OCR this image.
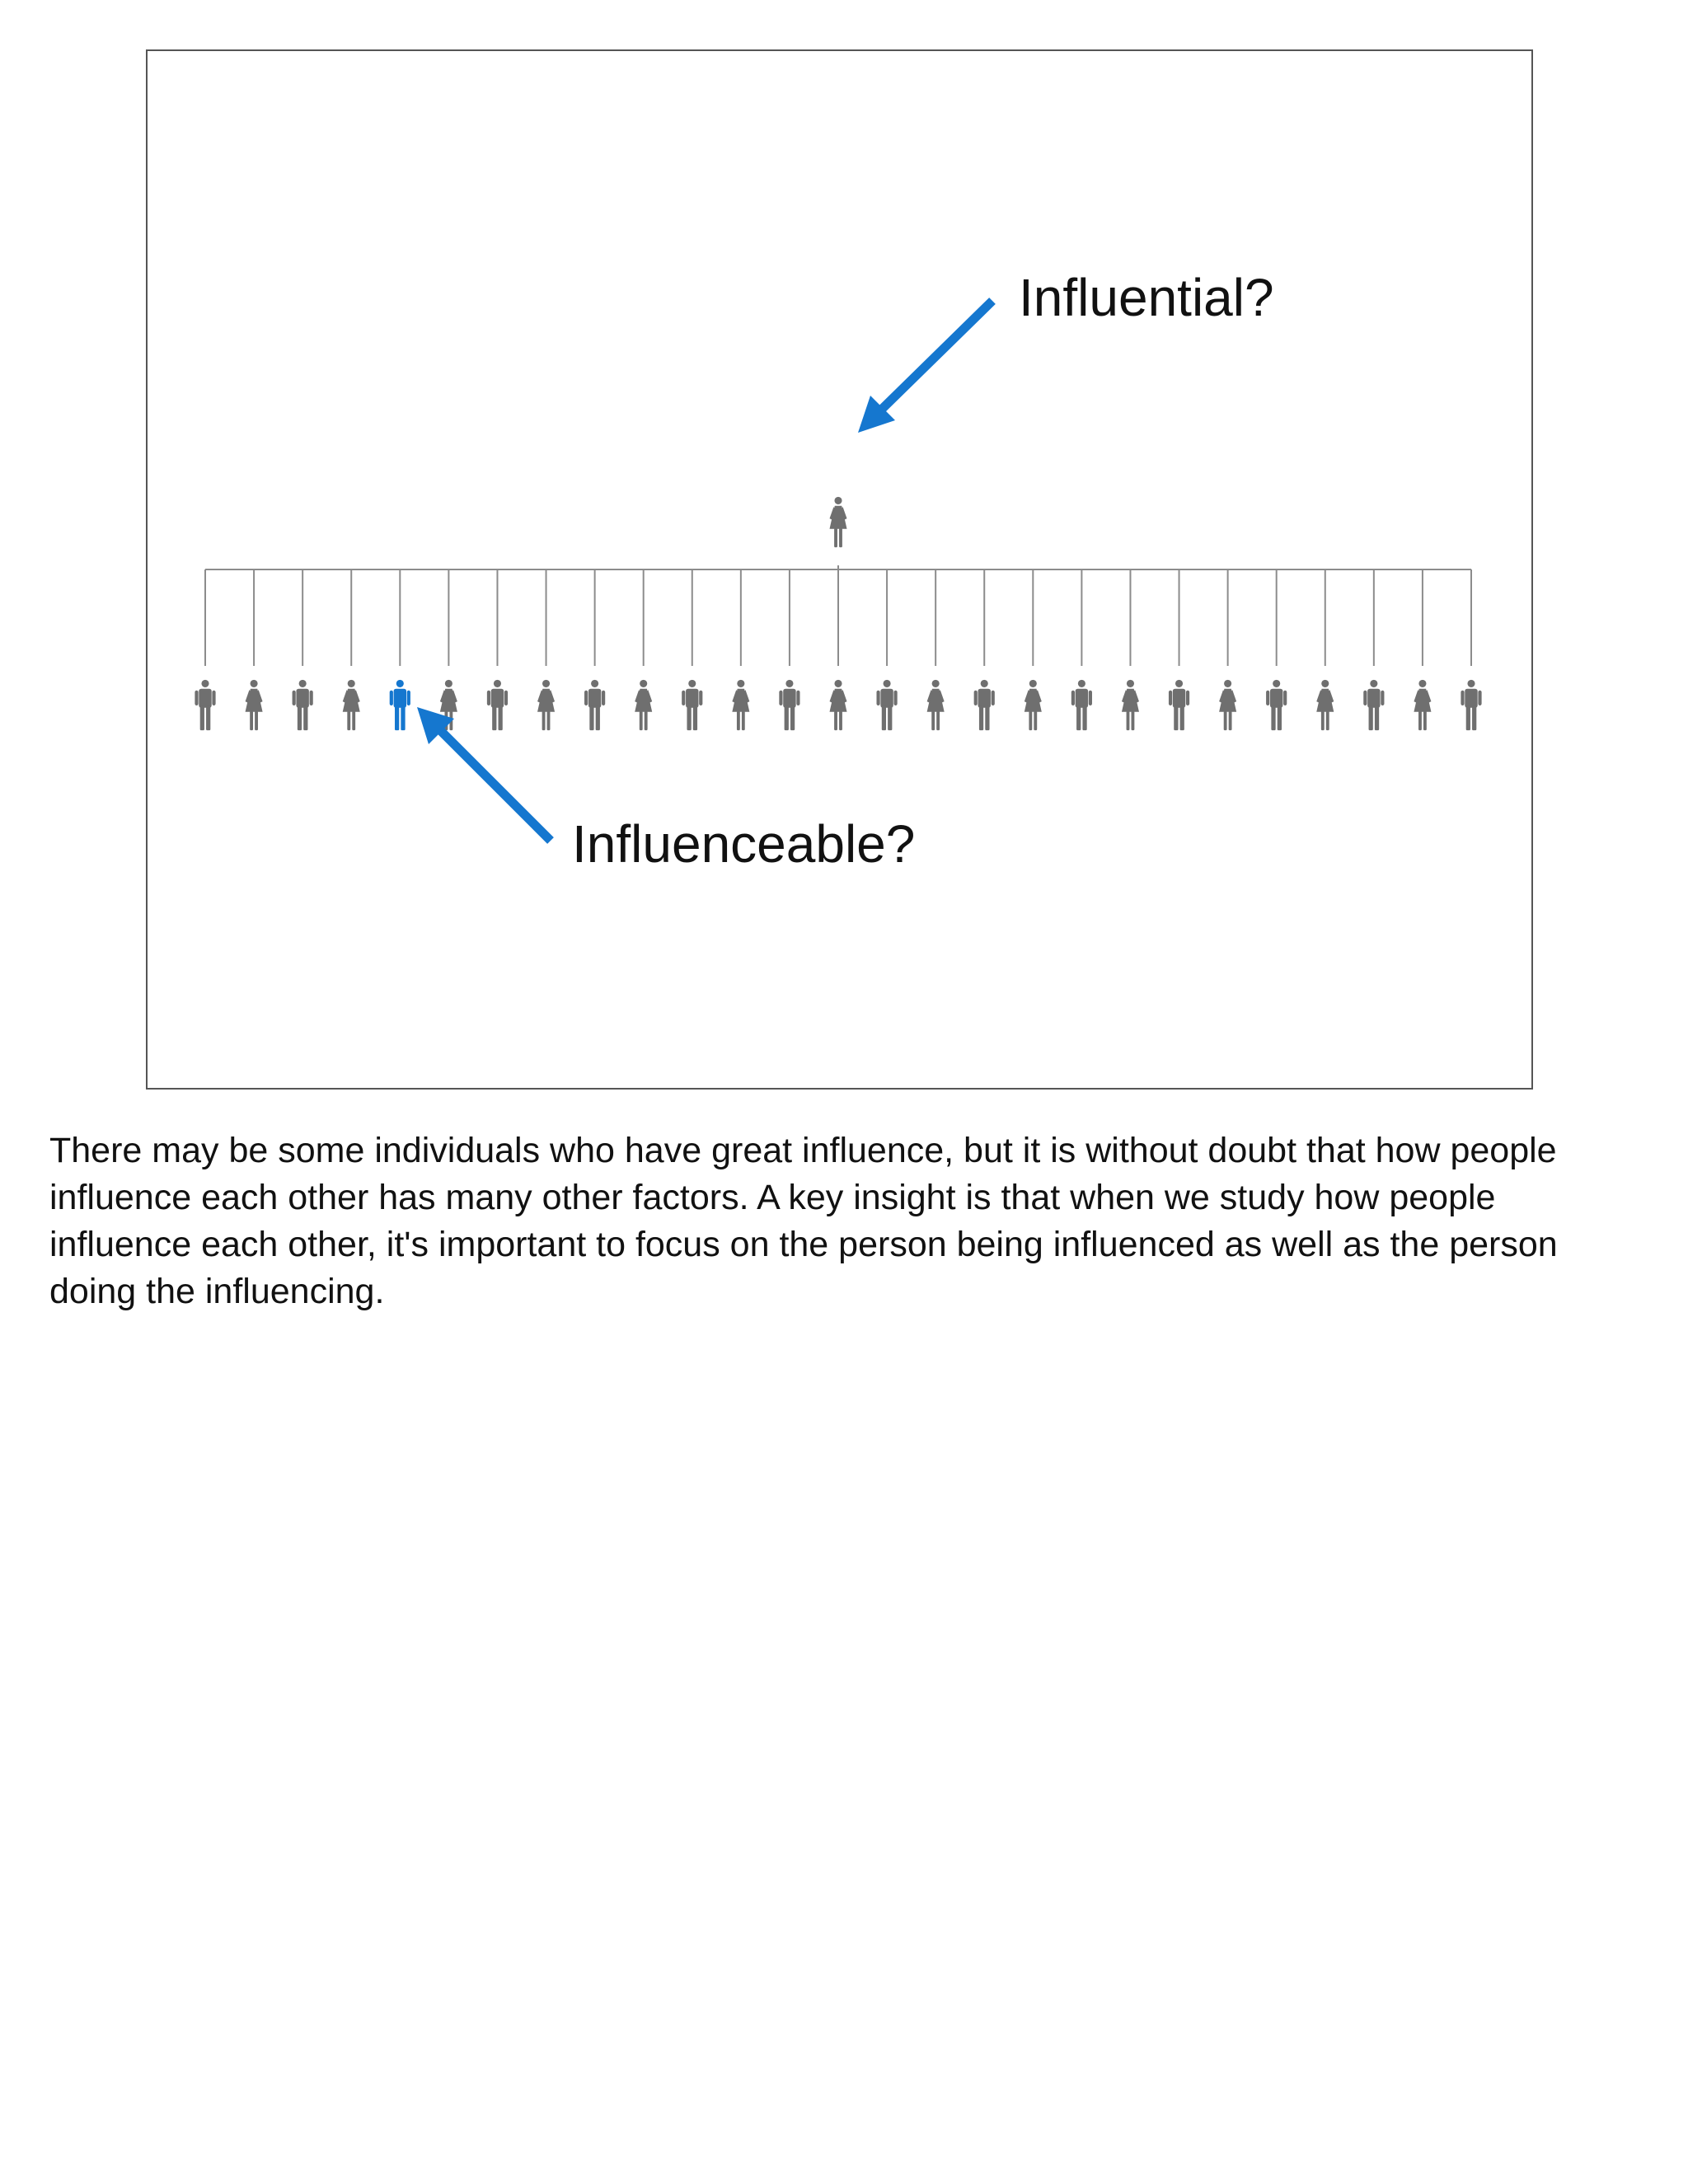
Influential?
Influenceable?

There may be some individuals who have great influence, but it is without doubt that how people influence each other has many other factors. A key insight is that when we study how people influence each other, it's important to focus on the person being influenced as well as the person doing the influencing.
